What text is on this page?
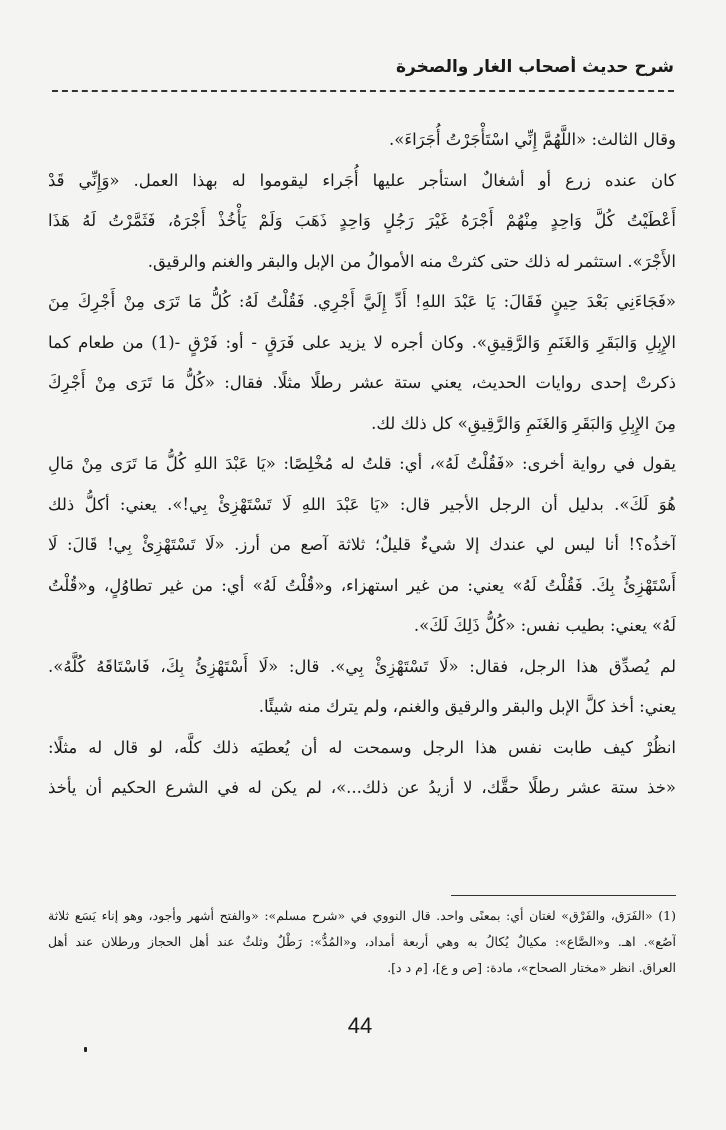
شرح حديث أصحاب الغار والصخرة
وقال الثالث: «اللَّهُمَّ إِنِّي اسْتَأْجَرْتُ أُجَرَاءَ».
كان عنده زرع أو أشغالٌ استأجر عليها أُجَراء ليقوموا له بهذا العمل. «وَإِنِّي قَدْ
أَعْطَيْتُ كُلَّ وَاحِدٍ مِنْهُمْ أَجْرَهُ غَيْرَ رَجُلٍ وَاحِدٍ ذَهَبَ وَلَمْ يَأْخُذْ أَجْرَهُ، فَثَمَّرْتُ لَهُ هَذَا
الأَجْرَ». استثمر له ذلك حتى كثرتْ منه الأموالُ من الإبل والبقر والغنم والرقيق.
«فَجَاءَنِي بَعْدَ حِينٍ فَقَالَ: يَا عَبْدَ اللهِ! أَدِّ إِلَيَّ أَجْرِي. فَقُلْتُ لَهُ: كُلُّ مَا تَرَى مِنْ أَجْرِكَ مِنَ
الإِبِلِ وَالبَقَرِ وَالغَنَمِ وَالرَّقِيقِ». وكان أجره لا يزيد على فَرَقٍ - أو: فَرْقٍ -(1) من طعام كما
ذكرتْ إحدى روايات الحديث، يعني ستة عشر رطلًا مثلًا. فقال: «كُلُّ مَا تَرَى مِنْ أَجْرِكَ
مِنَ الإِبِلِ وَالبَقَرِ وَالغَنَمِ وَالرَّقِيقِ» كل ذلك لك.
يقول في رواية أخرى: «فَقُلْتُ لَهُ»، أي: قلتُ له مُخْلِصًا: «يَا عَبْدَ اللهِ كُلُّ مَا تَرَى مِنْ مَالِ
هُوَ لَكَ». بدليل أن الرجل الأجير قال: «يَا عَبْدَ اللهِ لَا تَسْتَهْزِئْ بِي!». يعني: أكلُّ ذلك
آخذُه؟! أنا ليس لي عندك إلا شيءٌ قليلٌ؛ ثلاثة آصع من أرز. «لَا تَسْتَهْزِئْ بِي! قَالَ: لَا
أَسْتَهْزِئُ بِكَ. فَقُلْتُ لَهُ» يعني: من غير استهزاء، و«قُلْتُ لَهُ» أي: من غير تطاوُلٍ، و«قُلْتُ
لَهُ» يعني: بطيب نفس: «كُلُّ ذَلِكَ لَكَ».
لم يُصدِّق هذا الرجل، فقال: «لَا تَسْتَهْزِئْ بِي». قال: «لَا أَسْتَهْزِئُ بِكَ، فَاسْتَاقَهُ كُلَّهُ».
يعني: أخذ كلَّ الإبل والبقر والرقيق والغنم، ولم يترك منه شيئًا.
انظُرْ كيف طابت نفس هذا الرجل وسمحت له أن يُعطيَه ذلك كلَّه، لو قال له مثلًا:
«خذ ستة عشر رطلًا حقَّك، لا أزيدُ عن ذلك...»، لم يكن له في الشرع الحكيم أن يأخذ
(1) «الفَرَق، والفَرْق» لغتان أي: بمعنًى واحد. قال النووي في «شرح مسلم»: «والفتح أشهر وأجود، وهو إناء يَسَع ثلاثة
آصُع». اهـ. و«الصَّاع»: مكيالٌ يُكالُ به وهي أربعة أمداد، و«المُدُّ»: رَطْلٌ وثلثٌ عند أهل الحجاز ورطلان عند أهل
العراق. انظر «مختار الصحاح»، مادة: [ص و ع]، [م د د].
44
